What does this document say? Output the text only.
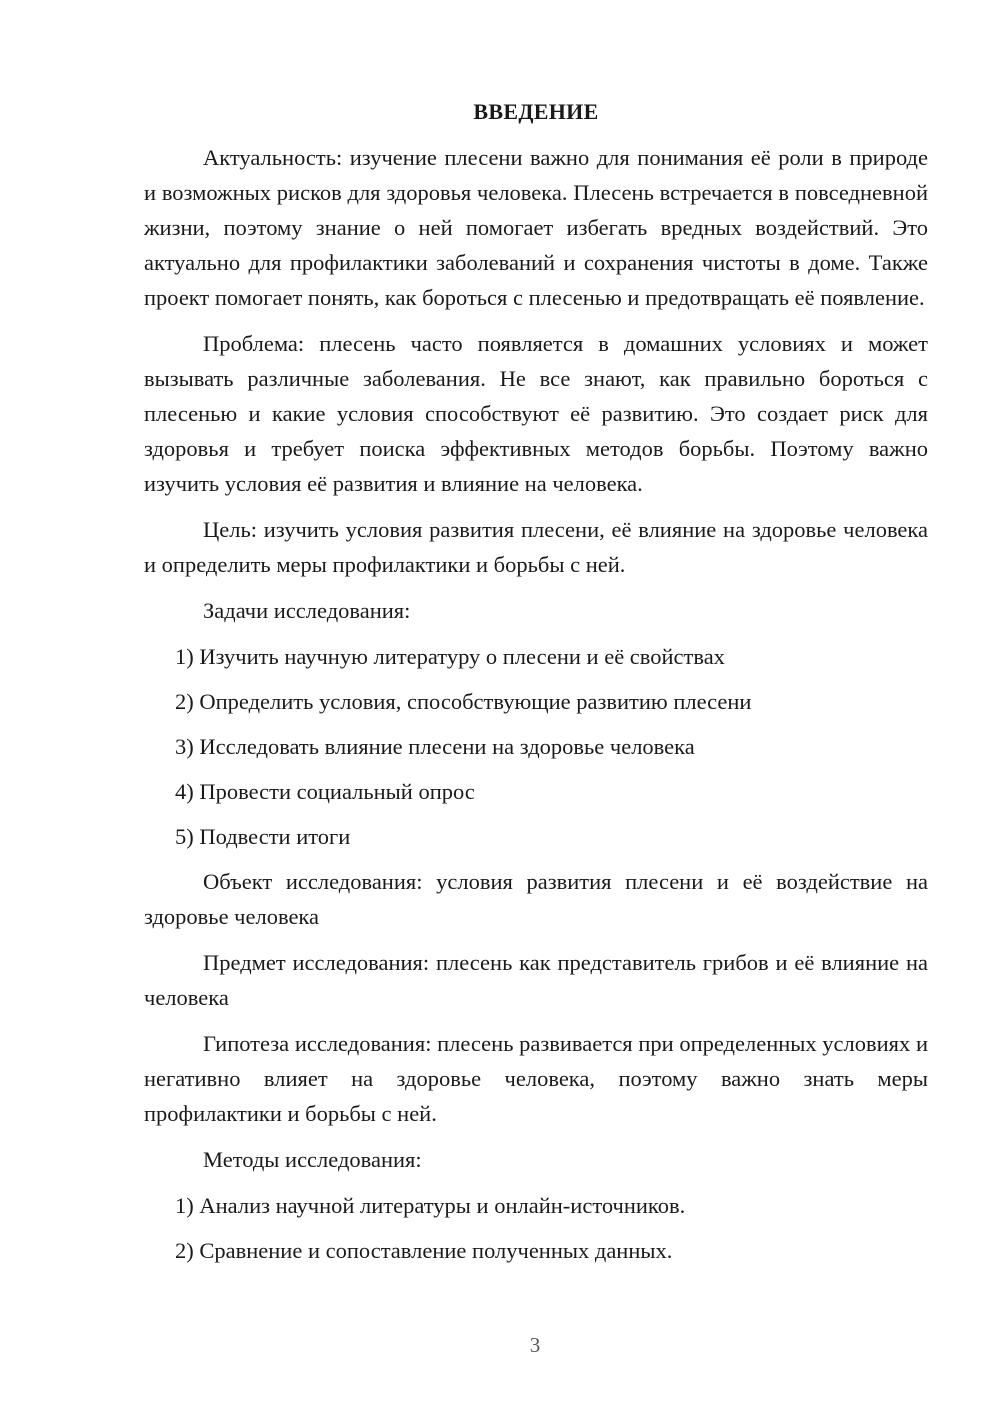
ВВЕДЕНИЕ
Актуальность: изучение плесени важно для понимания её роли в природе и возможных рисков для здоровья человека. Плесень встречается в повседневной жизни, поэтому знание о ней помогает избегать вредных воздействий. Это актуально для профилактики заболеваний и сохранения чистоты в доме. Также проект помогает понять, как бороться с плесенью и предотвращать её появление.
Проблема: плесень часто появляется в домашних условиях и может вызывать различные заболевания. Не все знают, как правильно бороться с плесенью и какие условия способствуют её развитию. Это создает риск для здоровья и требует поиска эффективных методов борьбы. Поэтому важно изучить условия её развития и влияние на человека.
Цель: изучить условия развития плесени, её влияние на здоровье человека и определить меры профилактики и борьбы с ней.
Задачи исследования:
1) Изучить научную литературу о плесени и её свойствах
2) Определить условия, способствующие развитию плесени
3) Исследовать влияние плесени на здоровье человека
4) Провести социальный опрос
5) Подвести итоги
Объект исследования: условия развития плесени и её воздействие на здоровье человека
Предмет исследования: плесень как представитель грибов и её влияние на человека
Гипотеза исследования: плесень развивается при определенных условиях и негативно влияет на здоровье человека, поэтому важно знать меры профилактики и борьбы с ней.
Методы исследования:
1) Анализ научной литературы и онлайн-источников.
2) Сравнение и сопоставление полученных данных.
3
